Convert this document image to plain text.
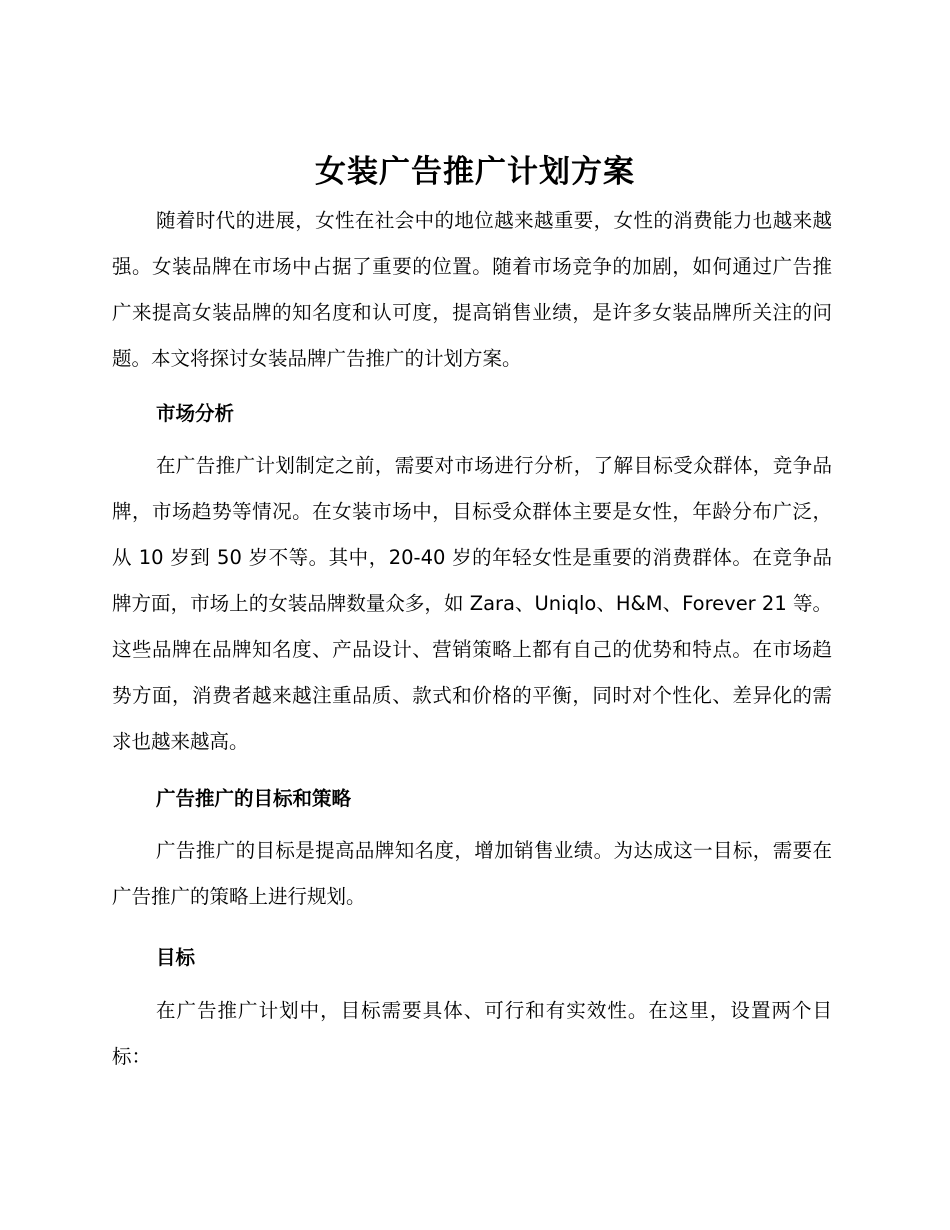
女装广告推广计划方案

随着时代的进展，女性在社会中的地位越来越重要，女性的消费能力也越来越强。女装品牌在市场中占据了重要的位置。随着市场竞争的加剧，如何通过广告推广来提高女装品牌的知名度和认可度，提高销售业绩，是许多女装品牌所关注的问题。本文将探讨女装品牌广告推广的计划方案。

市场分析

在广告推广计划制定之前，需要对市场进行分析，了解目标受众群体，竞争品牌，市场趋势等情况。在女装市场中，目标受众群体主要是女性，年龄分布广泛，从 10 岁到 50 岁不等。其中，20-40 岁的年轻女性是重要的消费群体。在竞争品牌方面，市场上的女装品牌数量众多，如 Zara、Uniqlo、H&M、Forever 21 等。这些品牌在品牌知名度、产品设计、营销策略上都有自己的优势和特点。在市场趋势方面，消费者越来越注重品质、款式和价格的平衡，同时对个性化、差异化的需求也越来越高。

广告推广的目标和策略

广告推广的目标是提高品牌知名度，增加销售业绩。为达成这一目标，需要在广告推广的策略上进行规划。

目标

在广告推广计划中，目标需要具体、可行和有实效性。在这里，设置两个目标：
